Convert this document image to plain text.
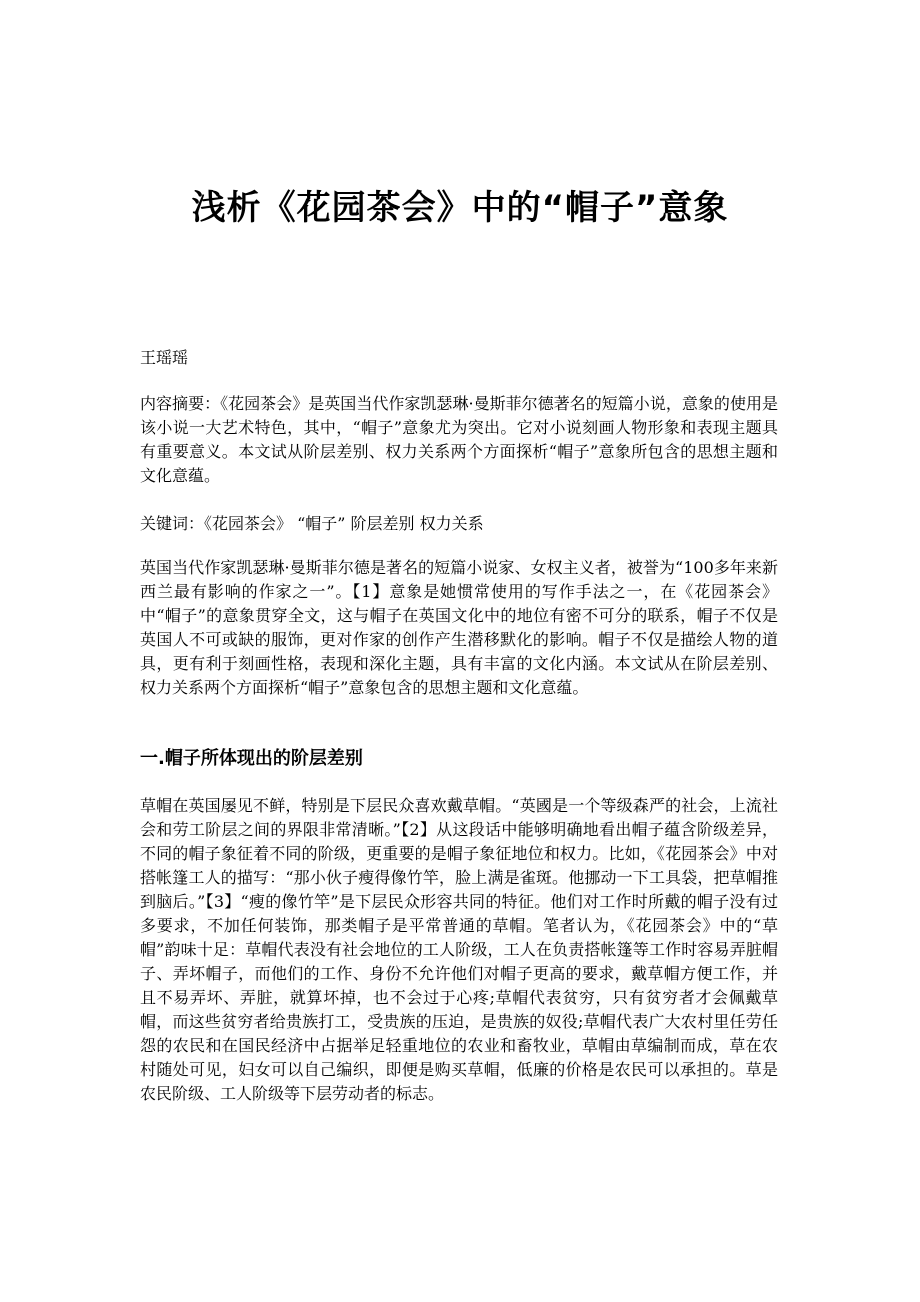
浅析《花园茶会》中的“帽子”意象

王瑶瑶

内容摘要：《花园茶会》是英国当代作家凯瑟琳·曼斯菲尔德著名的短篇小说，意象的使用是该小说一大艺术特色，其中，“帽子”意象尤为突出。它对小说刻画人物形象和表现主题具有重要意义。本文试从阶层差别、权力关系两个方面探析“帽子”意象所包含的思想主题和文化意蕴。

关键词：《花园茶会》 “帽子” 阶层差别 权力关系

英国当代作家凯瑟琳·曼斯菲尔德是著名的短篇小说家、女权主义者，被誉为“100多年来新西兰最有影响的作家之一”。【1】意象是她惯常使用的写作手法之一，在《花园茶会》中“帽子”的意象贯穿全文，这与帽子在英国文化中的地位有密不可分的联系，帽子不仅是英国人不可或缺的服饰，更对作家的创作产生潜移默化的影响。帽子不仅是描绘人物的道具，更有利于刻画性格，表现和深化主题，具有丰富的文化内涵。本文试从在阶层差别、权力关系两个方面探析“帽子”意象包含的思想主题和文化意蕴。

一.帽子所体现出的阶层差别

草帽在英国屡见不鲜，特别是下层民众喜欢戴草帽。“英國是一个等级森严的社会，上流社会和劳工阶层之间的界限非常清晰。”【2】从这段话中能够明确地看出帽子蕴含阶级差异，不同的帽子象征着不同的阶级，更重要的是帽子象征地位和权力。比如，《花园茶会》中对搭帐篷工人的描写：“那小伙子瘦得像竹竿，脸上满是雀斑。他挪动一下工具袋，把草帽推到脑后。”【3】“瘦的像竹竿”是下层民众形容共同的特征。他们对工作时所戴的帽子没有过多要求，不加任何装饰，那类帽子是平常普通的草帽。笔者认为，《花园茶会》中的“草帽”韵味十足：草帽代表没有社会地位的工人阶级，工人在负责搭帐篷等工作时容易弄脏帽子、弄坏帽子，而他们的工作、身份不允许他们对帽子更高的要求，戴草帽方便工作，并且不易弄坏、弄脏，就算坏掉，也不会过于心疼;草帽代表贫穷，只有贫穷者才会佩戴草帽，而这些贫穷者给贵族打工，受贵族的压迫，是贵族的奴役;草帽代表广大农村里任劳任怨的农民和在国民经济中占据举足轻重地位的农业和畜牧业，草帽由草编制而成，草在农村随处可见，妇女可以自己编织，即便是购买草帽，低廉的价格是农民可以承担的。草是农民阶级、工人阶级等下层劳动者的标志。
